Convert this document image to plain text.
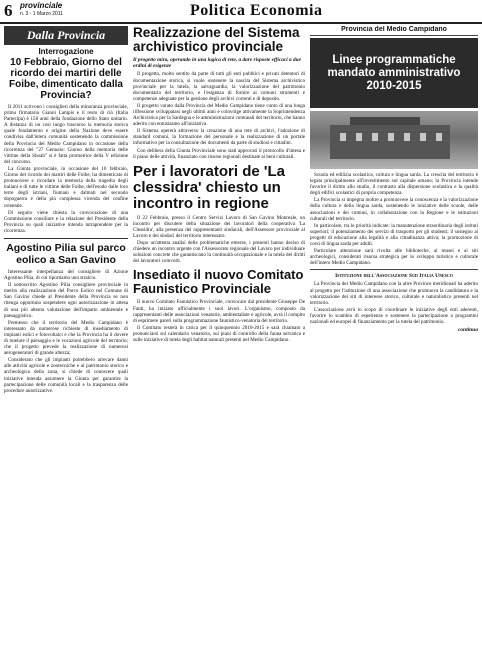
6 provinciale
n. 3 - 1 Marzo 2011	Politica Economia
Dalla Provincia
Interrogazione
10 Febbraio, Giorno del ricordo dei martiri delle Foibe, dimenticato dalla Provincia?

Il 2011 scrivono i consiglieri della minoranza provinciale, primo firmatario Gianni Lampis e il resto di ciò (Italia Partecipa) è 150 anni della fondazione dello Stato unitario. A distanza di un così lungo trascorso la memoria storica quale fondamento e origine della Nazione deve essere condivisa dall'intera comunità sostenendo la commissione della Provincia del Medio Campidano in occasione della ricorrenza del "27 Gennaio: Giorno della memoria delle vittime della Shoah" si è fatta promotrice della V edizione del concorso.

La Giunta provinciale, in occasione del 10 febbraio, Giorno del ricordo dei martiri delle Foibe, ha dimenticato di promuovere e ricordare la memoria della tragedia degli italiani e di tutte le vittime delle Foibe, dell'esodo dalle loro terre degli istriani, fiumani e dalmati nel secondo dopoguerra e della più complessa vicenda del confine orientale.

Di seguito viene chiesta la convocazione di una Commissione consiliare e la relazione del Presidente della Provincia su quali iniziative intenda intraprendere per la ricorrenza.

Agostino Pilia sul parco eolico a San Gavino

Interessante interpellanza del consigliere di Azione Agostino Pilia, di cui riportiamo uno stralcio.

Il sottoscritto Agostino Pilia consigliere provinciale in merito alla realizzazione del Parco Eolico nel Comune di San Gavino chiede al Presidente della Provincia se non ritenga opportuno sospendere ogni autorizzazione in attesa di una più attenta valutazione dell'impatto ambientale e paesaggistico.

Premesso che il territorio del Medio Campidano è interessato da numerose richieste di insediamento di impianti eolici e fotovoltaici e che la Provincia ha il dovere di tutelare il paesaggio e le vocazioni agricole del territorio; che il progetto prevede la realizzazione di numerosi aerogeneratori di grande altezza;

Considerato che gli impianti potrebbero arrecare danni alle attività agricole e zootecniche e al patrimonio storico e archeologico della zona, si chiede di conoscere quali iniziative intenda assumere la Giunta per garantire la partecipazione delle comunità locali e la trasparenza delle procedure autorizzative.

Realizzazione del Sistema archivistico provinciale
Il progetto mira, operando in una logica di rete, a dare risposte efficaci a due ordini di esigenze

Il progetto, molto sentito da parte di tutti gli enti pubblici e privati detentori di documentazione storica, si vuole sostenere la nascita del Sistema archivistico provinciale per la tutela, la salvaguardia, la valorizzazione del patrimonio documentario del territorio, e l'esigenza di fornire ai comuni strumenti e competenze adeguate per la gestione degli archivi correnti e di deposito.

Il progetto varato dalla Provincia del Medio Campidano tiene conto di una lunga riflessione sviluppatasi negli ultimi anni e coinvolge attivamente la Soprintendenza Archivistica per la Sardegna e le amministrazioni comunali del territorio, che hanno aderito con entusiasmo all'iniziativa.

Il Sistema opererà attraverso la creazione di una rete di archivi, l'adozione di standard comuni, la formazione del personale e la realizzazione di un portale informativo per la consultazione dei documenti da parte di studiosi e cittadini.

Con delibera della Giunta Provinciale sono stati approvati il protocollo d'intesa e il piano delle attività, finanziato con risorse regionali destinate ai beni culturali.

Per i lavoratori de 'La clessidra' chiesto un incontro in regione

Il 22 Febbraio, presso il Centro Servizi Lavoro di San Gavino Monreale, un incontro per discutere della situazione dei lavoratori della cooperativa 'La Clessidra', alla presenza dei rappresentanti sindacali, dell'Assessore provinciale al Lavoro e dei sindaci del territorio interessato.

Dopo un'attenta analisi delle problematiche emerse, i presenti hanno deciso di chiedere un incontro urgente con l'Assessorato regionale del Lavoro per individuare soluzioni concrete che garantiscano la continuità occupazionale e la tutela dei diritti dei lavoratori coinvolti.

Insediato il nuovo Comitato Faunistico Provinciale

Il nuovo Comitato Faunistico Provinciale, convocato dal presidente Giuseppe De Fanti, ha iniziato ufficialmente i suoi lavori. L'organismo, composto da rappresentanti delle associazioni venatorie, ambientaliste e agricole, avrà il compito di esprimere pareri sulla programmazione faunistico-venatoria del territorio.

Il Comitato resterà in carica per il quinquennio 2010-2015 e sarà chiamato a pronunciarsi sul calendario venatorio, sui piani di controllo della fauna selvatica e sulle iniziative di tutela degli habitat naturali presenti nel Medio Campidano.

Provincia del Medio Campidano
Linee programmatiche
mandato amministrativo
2010-2015

Scuola ed edilizia scolastica, cultura e lingua sarda. La crescita del territorio è legata principalmente all'investimento sul capitale umano; la Provincia intende favorire il diritto allo studio, il contrasto alla dispersione scolastica e la qualità degli edifici scolastici di propria competenza.

La Provincia si impegna inoltre a promuovere la conoscenza e la valorizzazione della cultura e della lingua sarda, sostenendo le iniziative delle scuole, delle associazioni e dei comuni, in collaborazione con la Regione e le istituzioni culturali del territorio.

In particolare, tra le priorità indicate: la manutenzione straordinaria degli istituti superiori; il potenziamento dei servizi di trasporto per gli studenti; il sostegno ai progetti di educazione alla legalità e alla cittadinanza attiva; la promozione di corsi di lingua sarda per adulti.

Particolare attenzione sarà rivolta alle biblioteche, ai musei e ai siti archeologici, considerati risorsa strategica per lo sviluppo turistico e culturale dell'intero Medio Campidano.

Istituzione dell'Associazione Sud Italia Unesco

La Provincia del Medio Campidano con la altre Province meridionali ha aderito al progetto per l'istituzione di una associazione che promuova la candidatura e la valorizzazione dei siti di interesse storico, culturale e naturalistico presenti nel territorio.

L'associazione avrà lo scopo di coordinare le iniziative degli enti aderenti, favorire lo scambio di esperienze e sostenere la partecipazione a programmi nazionali ed europei di finanziamento per la tutela del patrimonio.

continua
